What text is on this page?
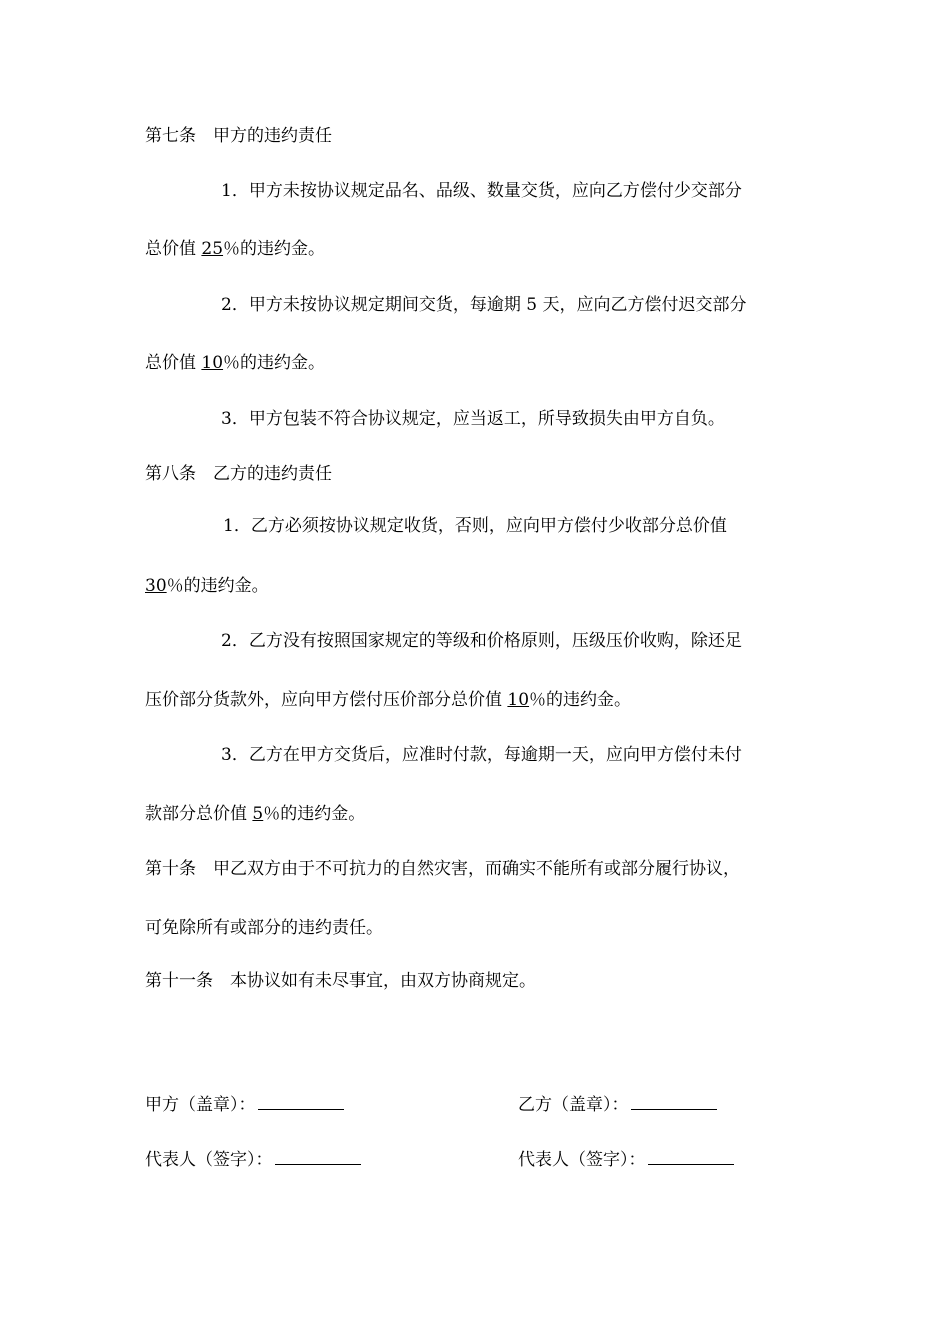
第七条　甲方的违约责任
1．甲方未按协议规定品名、品级、数量交货，应向乙方偿付少交部分
总价值 25％的违约金。
2．甲方未按协议规定期间交货，每逾期 5 天，应向乙方偿付迟交部分
总价值 10％的违约金。
3．甲方包装不符合协议规定，应当返工，所导致损失由甲方自负。
第八条　乙方的违约责任
1．乙方必须按协议规定收货，否则，应向甲方偿付少收部分总价值
30％的违约金。
2．乙方没有按照国家规定的等级和价格原则，压级压价收购，除还足
压价部分货款外，应向甲方偿付压价部分总价值 10％的违约金。
3．乙方在甲方交货后，应准时付款，每逾期一天，应向甲方偿付未付
款部分总价值 5％的违约金。
第十条　甲乙双方由于不可抗力的自然灾害，而确实不能所有或部分履行协议，
可免除所有或部分的违约责任。
第十一条　本协议如有未尽事宜，由双方协商规定。
甲方（盖章）：	乙方（盖章）：
代表人（签字）：	代表人（签字）：
